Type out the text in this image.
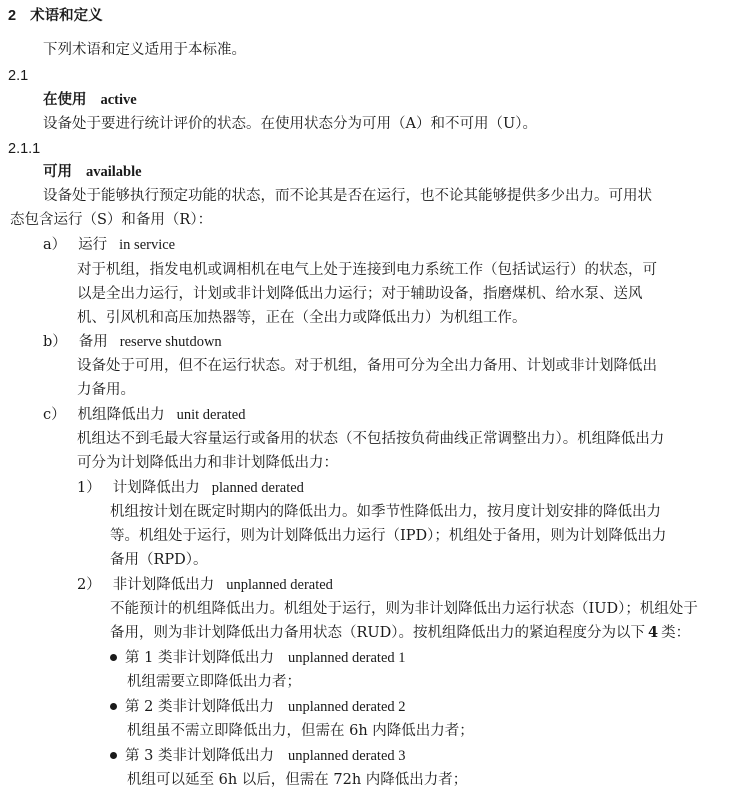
2 术语和定义
下列术语和定义适用于本标准。
2.1
在使用 active
设备处于要进行统计评价的状态。在使用状态分为可用（A）和不可用（U）。
2.1.1
可用 available
设备处于能够执行预定功能的状态，而不论其是否在运行，也不论其能够提供多少出力。可用状
态包含运行（S）和备用（R）：
a） 运行 in service
对于机组，指发电机或调相机在电气上处于连接到电力系统工作（包括试运行）的状态，可
以是全出力运行，计划或非计划降低出力运行；对于辅助设备，指磨煤机、给水泵、送风
机、引风机和高压加热器等，正在（全出力或降低出力）为机组工作。
b） 备用 reserve shutdown
设备处于可用，但不在运行状态。对于机组，备用可分为全出力备用、计划或非计划降低出
力备用。
c） 机组降低出力 unit derated
机组达不到毛最大容量运行或备用的状态（不包括按负荷曲线正常调整出力）。机组降低出力
可分为计划降低出力和非计划降低出力：
1） 计划降低出力 planned derated
机组按计划在既定时期内的降低出力。如季节性降低出力，按月度计划安排的降低出力
等。机组处于运行，则为计划降低出力运行（IPD）；机组处于备用，则为计划降低出力
备用（RPD）。
2） 非计划降低出力 unplanned derated
不能预计的机组降低出力。机组处于运行，则为非计划降低出力运行状态（IUD）；机组处于
备用，则为非计划降低出力备用状态（RUD）。按机组降低出力的紧迫程度分为以下 4 类：
第 1 类非计划降低出力 unplanned derated 1
机组需要立即降低出力者；
第 2 类非计划降低出力 unplanned derated 2
机组虽不需立即降低出力，但需在 6h 内降低出力者；
第 3 类非计划降低出力 unplanned derated 3
机组可以延至 6h 以后，但需在 72h 内降低出力者；
